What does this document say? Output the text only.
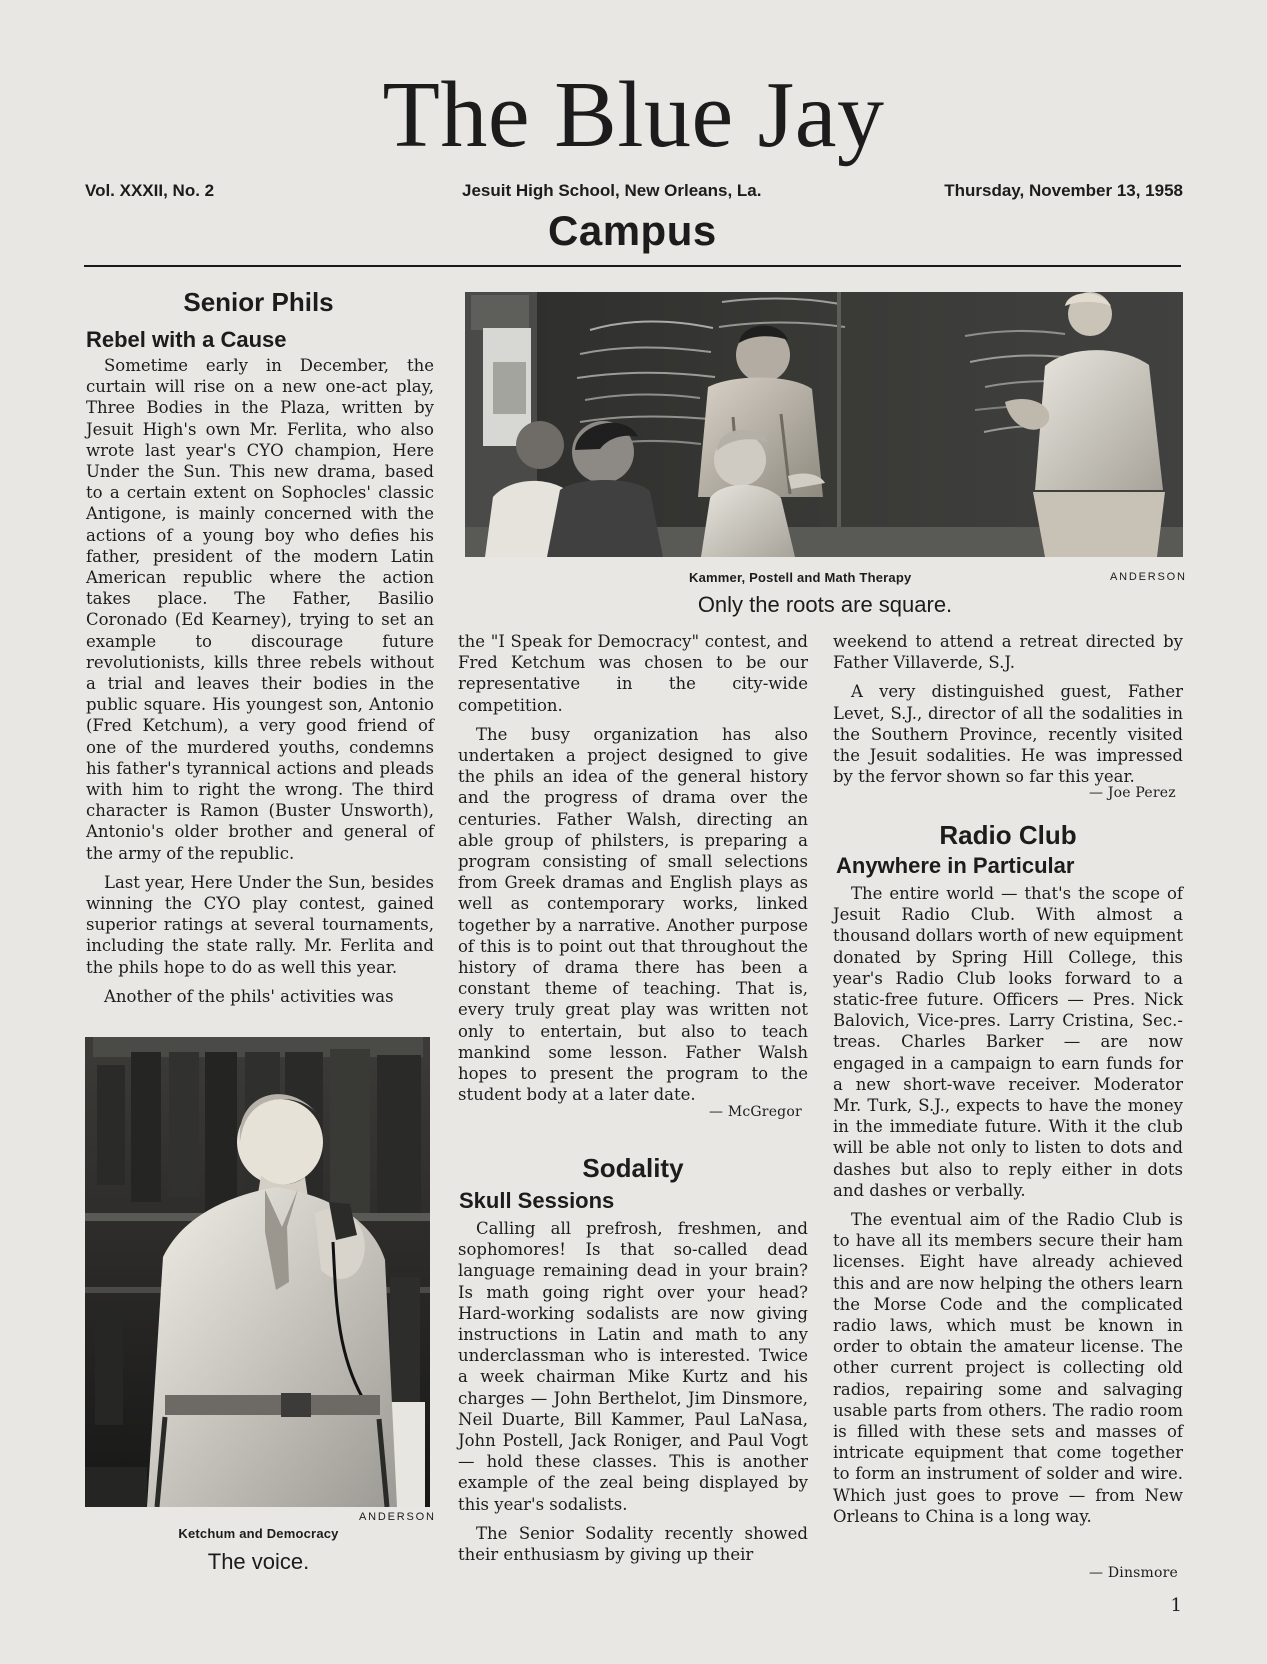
The Blue Jay
Vol. XXXII, No. 2	Jesuit High School, New Orleans, La.	Thursday, November 13, 1958
Campus
Senior Phils
Rebel with a Cause

Sometime early in December, the curtain will rise on a new one-act play, Three Bodies in the Plaza, written by Jesuit High's own Mr. Ferlita, who also wrote last year's CYO champion, Here Under the Sun. This new drama, based to a certain extent on Sophocles' classic Antigone, is mainly concerned with the actions of a young boy who defies his father, president of the modern Latin American republic where the action takes place. The Father, Basilio Coronado (Ed Kearney), trying to set an example to discourage future revolutionists, kills three rebels without a trial and leaves their bodies in the public square. His youngest son, Antonio (Fred Ketchum), a very good friend of one of the murdered youths, condemns his father's tyrannical actions and pleads with him to right the wrong. The third character is Ramon (Buster Unsworth), Antonio's older brother and general of the army of the republic.

Last year, Here Under the Sun, besides winning the CYO play contest, gained superior ratings at several tournaments, including the state rally. Mr. Ferlita and the phils hope to do as well this year.

Another of the phils' activities was

ANDERSON
Ketchum and Democracy
The voice.
Kammer, Postell and Math Therapy	ANDERSON
Only the roots are square.

the "I Speak for Democracy" contest, and Fred Ketchum was chosen to be our representative in the city-wide competition.

The busy organization has also undertaken a project designed to give the phils an idea of the general history and the progress of drama over the centuries. Father Walsh, directing an able group of philsters, is preparing a program consisting of small selections from Greek dramas and English plays as well as contemporary works, linked together by a narrative. Another purpose of this is to point out that throughout the history of drama there has been a constant theme of teaching. That is, every truly great play was written not only to entertain, but also to teach mankind some lesson. Father Walsh hopes to present the program to the student body at a later date.

— McGregor
Sodality
Skull Sessions

Calling all prefrosh, freshmen, and sophomores! Is that so-called dead language remaining dead in your brain? Is math going right over your head? Hard-working sodalists are now giving instructions in Latin and math to any underclassman who is interested. Twice a week chairman Mike Kurtz and his charges — John Berthelot, Jim Dinsmore, Neil Duarte, Bill Kammer, Paul LaNasa, John Postell, Jack Roniger, and Paul Vogt — hold these classes. This is another example of the zeal being displayed by this year's sodalists.

The Senior Sodality recently showed their enthusiasm by giving up their

weekend to attend a retreat directed by Father Villaverde, S.J.

A very distinguished guest, Father Levet, S.J., director of all the sodalities in the Southern Province, recently visited the Jesuit sodalities. He was impressed by the fervor shown so far this year.

— Joe Perez
Radio Club
Anywhere in Particular

The entire world — that's the scope of Jesuit Radio Club. With almost a thousand dollars worth of new equipment donated by Spring Hill College, this year's Radio Club looks forward to a static-free future. Officers — Pres. Nick Balovich, Vice-pres. Larry Cristina, Sec.-treas. Charles Barker — are now engaged in a campaign to earn funds for a new short-wave receiver. Moderator Mr. Turk, S.J., expects to have the money in the immediate future. With it the club will be able not only to listen to dots and dashes but also to reply either in dots and dashes or verbally.

The eventual aim of the Radio Club is to have all its members secure their ham licenses. Eight have already achieved this and are now helping the others learn the Morse Code and the complicated radio laws, which must be known in order to obtain the amateur license. The other current project is collecting old radios, repairing some and salvaging usable parts from others. The radio room is filled with these sets and masses of intricate equipment that come together to form an instrument of solder and wire. Which just goes to prove — from New Orleans to China is a long way.

— Dinsmore
1
